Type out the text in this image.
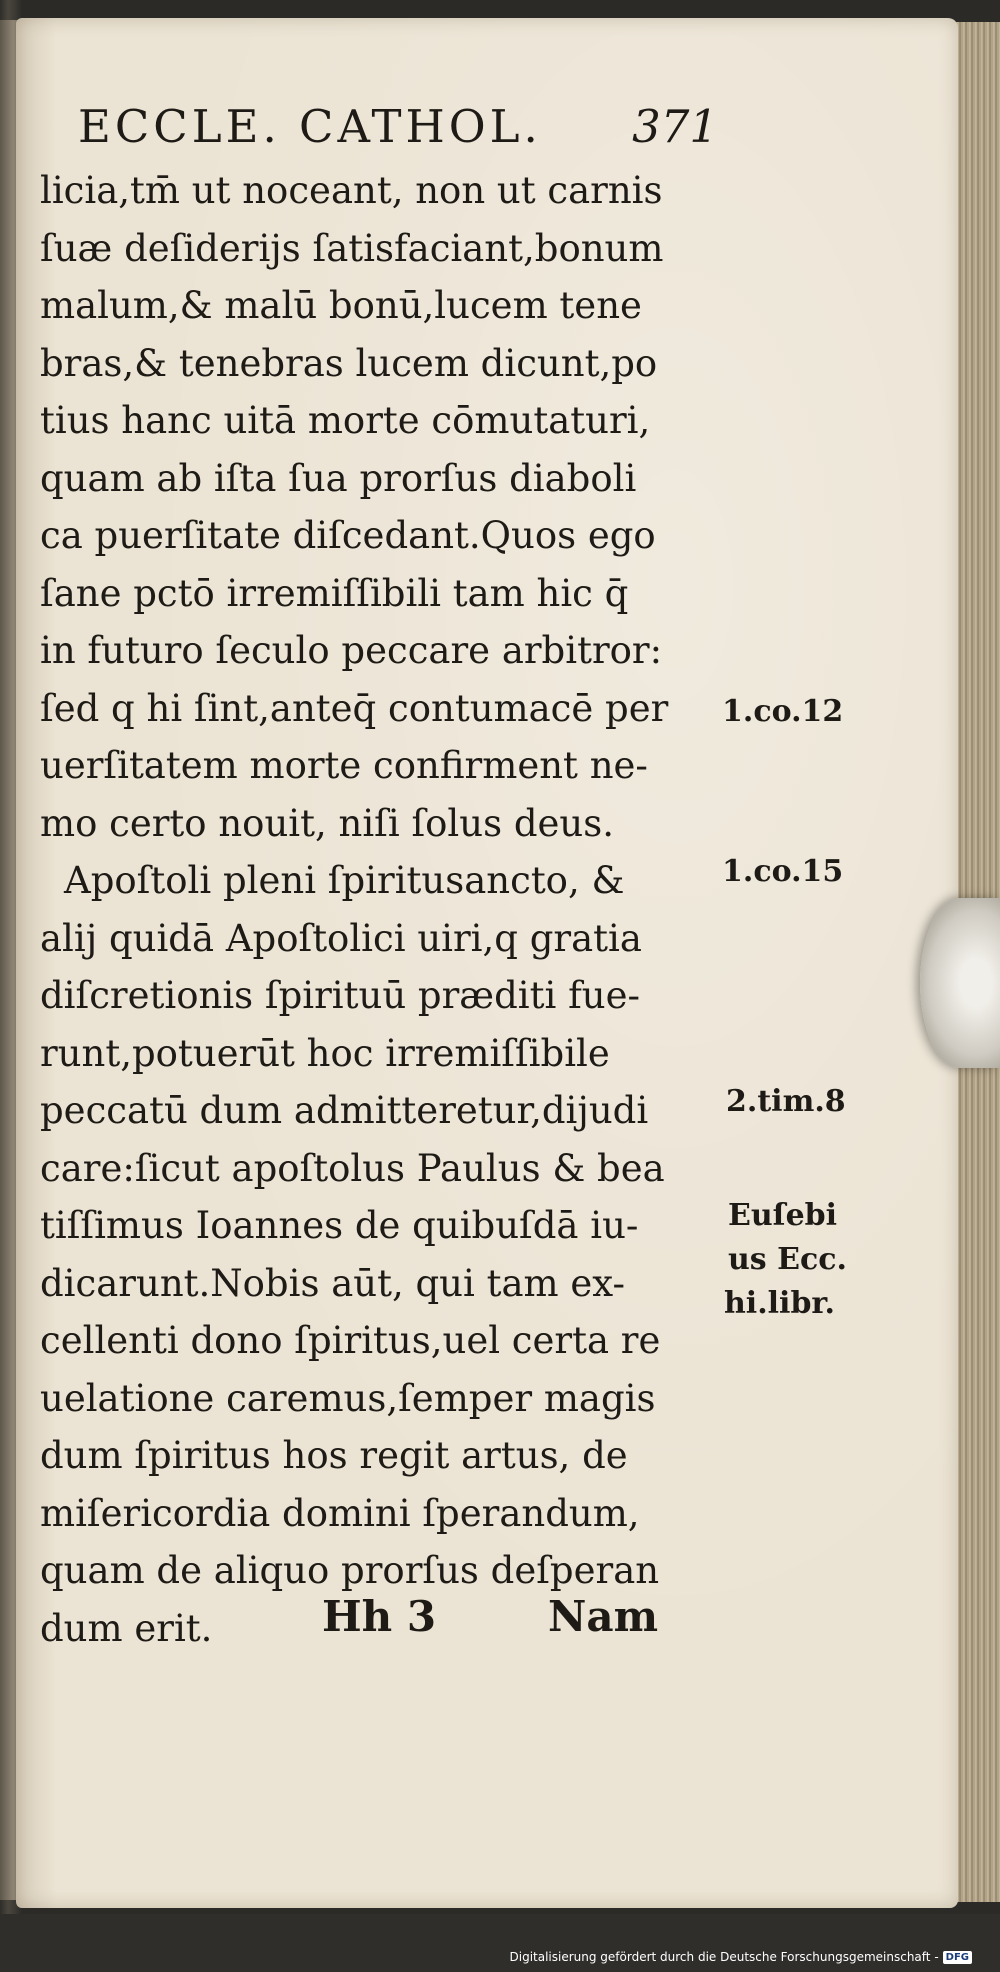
ECCLE. CATHOL. 371
licia,tm̄ ut noceant, non ut carnis
ſuæ deſiderijs ſatisfaciant,bonum
malum,& malū bonū,lucem tene
bras,& tenebras lucem dicunt,po
tius hanc uitā morte cōmutaturi,
quam ab iſta ſua prorſus diaboli
ca puerſitate diſcedant.Quos ego
ſane pctō irremiſſibili tam hic q̄
in futuro ſeculo peccare arbitror:
ſed q hi ſint,anteq̄ contumacē per
uerſitatem morte confirment ne-
mo certo nouit, niſi ſolus deus.
Apoſtoli pleni ſpiritusancto, &
alij quidā Apoſtolici uiri,q gratia
diſcretionis ſpirituū præditi fue-
runt,potuerūt hoc irremiſſibile
peccatū dum admitteretur,dijudi
care:ſicut apoſtolus Paulus & bea
tiſſimus Ioannes de quibuſdā iu-
dicarunt.Nobis aūt, qui tam ex-
cellenti dono ſpiritus,uel certa re
uelatione caremus,ſemper magis
dum ſpiritus hos regit artus, de
miſericordia domini ſperandum,
quam de aliquo prorſus deſperan
dum erit.
1.co.12
1.co.15
2.tim.8
Euſebi
us Ecc.
hi.libr.
Hh 3	Nam
Digitalisierung gefördert durch die Deutsche Forschungsgemeinschaft - DFG
